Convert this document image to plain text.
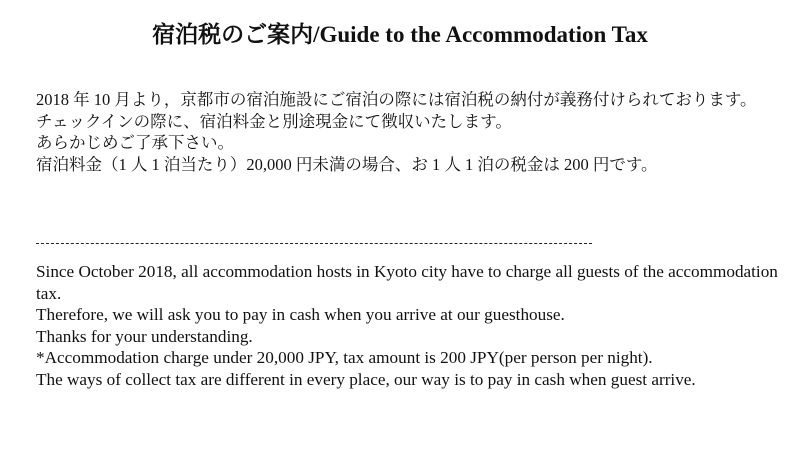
宿泊税のご案内/Guide to the Accommodation Tax

2018 年 10 月より，京都市の宿泊施設にご宿泊の際には宿泊税の納付が義務付けられております。

チェックインの際に、宿泊料金と別途現金にて徴収いたします。

あらかじめご了承下さい。

宿泊料金（1 人 1 泊当たり）20,000 円未満の場合、お 1 人 1 泊の税金は 200 円です。

Since October 2018, all accommodation hosts in Kyoto city have to charge all guests of the accommodation tax.

Therefore, we will ask you to pay in cash when you arrive at our guesthouse.

Thanks for your understanding.

*Accommodation charge under 20,000 JPY, tax amount is 200 JPY(per person per night).

The ways of collect tax are different in every place, our way is to pay in cash when guest arrive.
